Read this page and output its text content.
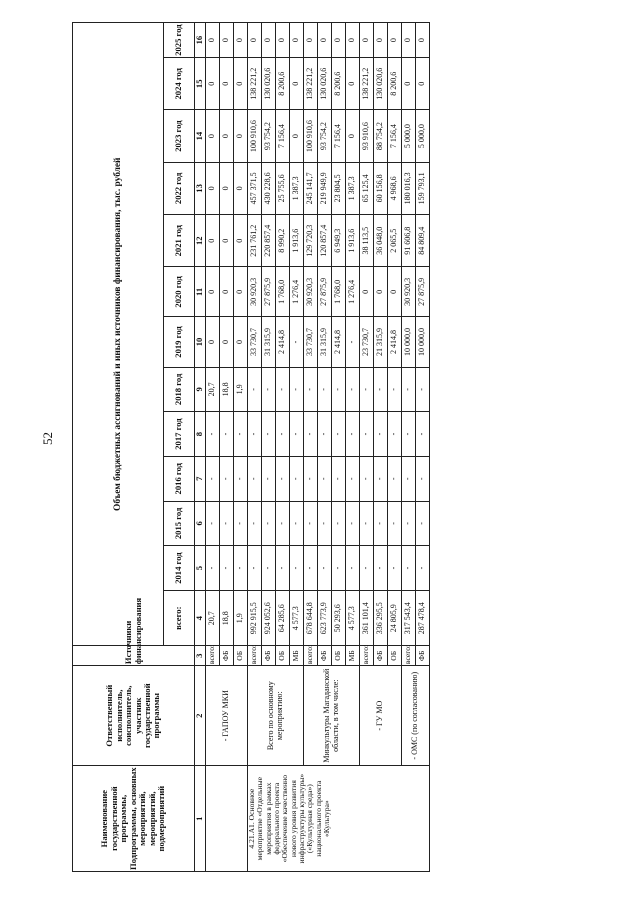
52
Наименование государственной программы, Подпрограммы, основных мероприятий, мероприятий, подмероприятий	Ответственный исполнитель, соисполнитель, участник государственной программы	Источники финансирования	Объем бюджетных ассигнований и иных источников финансирования, тыс. рублей												
			всего:	2014 год	2015 год	2016 год	2017 год	2018 год	2019 год	2020 год	2021 год	2022 год	2023 год	2024 год	2025 год
1	2	3	4	5	6	7	8	9	10	11	12	13	14	15	16
	- ГАПОУ МКИ	всего:	20,7	-	-	-	-	20,7	0	0	0	0	0	0	0
		ФБ	18,8	-	-	-	-	18,8	0	0	0	0	0	0	0
		ОБ	1,9	-	-	-	-	1,9	0	0	0	0	0	0	0
4.21.A1. Основное мероприятие «Отдельные мероприятия в рамках федерального проекта «Обеспечение качественно нового уровня развития инфраструктуры культуры» («Культурная среда») национального проекта «Культура»	Всего по основному мероприятию:	всего:	992 915,5	-	-	-	-	-	33 730,7	30 920,3	231 761,2	457 371,5	100 910,6	138 221,2	0
		ФБ	924 052,6	-	-	-	-	-	31 315,9	27 875,9	220 857,4	430 228,6	93 754,2	130 020,6	0
		ОБ	64 285,6	-	-	-	-	-	2 414,8	1 768,0	8 990,2	25 755,6	7 156,4	8 200,6	0
		МБ	4 577,3	-	-	-	-	-	-	1 276,4	1 913,6	1 387,3	0	0	0
	Минкультуры Магаданской области, в том числе:	всего:	678 644,8	-	-	-	-	-	33 730,7	30 920,3	129 720,3	245 141,7	100 910,6	138 221,2	0
		ФБ	623 773,9	-	-	-	-	-	31 315,9	27 875,9	120 857,4	219 949,9	93 754,2	130 020,6	0
		ОБ	50 293,6	-	-	-	-	-	2 414,8	1 768,0	6 949,3	23 804,5	7 156,4	8 200,6	0
		МБ	4 577,3	-	-	-	-	-	-	1 276,4	1 913,6	1 387,3	0	0	0
	- ГУ МО	всего:	361 101,4	-	-	-	-	-	23 730,7	0	38 113,5	65 125,4	93 910,6	138 221,2	0
		ФБ	336 295,5	-	-	-	-	-	21 315,9	0	36 048,0	60 156,8	88 754,2	130 020,6	0
		ОБ	24 805,9	-	-	-	-	-	2 414,8	0	2 065,5	4 968,6	7 156,4	8 200,6	0
	- ОМС (по согласованию)	всего:	317 543,4	-	-	-	-	-	10 000,0	30 920,3	91 606,8	180 016,3	5 000,0	0	0
		ФБ	287 478,4	-	-	-	-	-	10 000,0	27 875,9	84 809,4	159 793,1	5 000,0	0	0
